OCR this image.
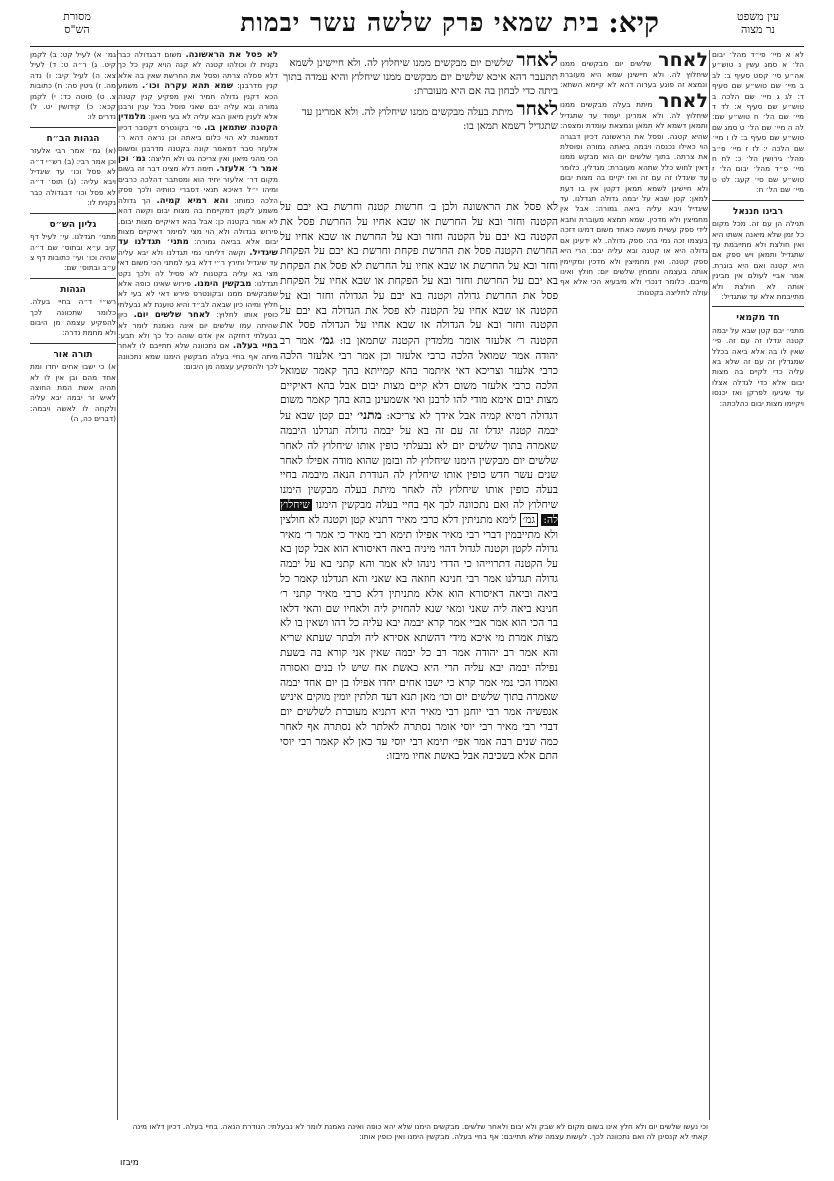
מסורת
הש"ס	בית שמאי פרק שלשה עשר יבמות קיא:	עין משפט
נר מצוה
לא א מיי׳ פי״ד מהל׳ יבום הל׳ א סמג עשין נ טוש״ע אה״ע סי׳ קסט סעיף ב: לב ב מיי׳ שם טוש״ע שם סעיף ד: לג ג מיי׳ שם הלכה ב טוש״ע שם סעיף א: לד ד מיי׳ שם הל׳ ח טוש״ע שם: לה ה מיי׳ שם הל׳ ט סמג שם טוש״ע שם סעיף ב: לו ו מיי׳ שם הלכה י: לז ז מיי׳ פ״ב מהל׳ גירושין הל׳ כ: לח ח מיי׳ פ״ד מהל׳ יבום הל׳ ז טוש״ע שם סי׳ קעג: לט ט מיי׳ שם הל׳ ח:
רבינו חננאל
תנילה הן עם זה. מכל מקום כל זמן שלא מיאנה אשתו היא ואין חולצת ולא מתייבמת עד שתגדיל ותמאן ויש ספק אם היא קטנה ואם היא בוגרת. אמר אביי לעולם אין מבינין אותה לא חולצת ולא מתייבמת אלא עד שתגדיל:
חד מקמאי
מתני׳ יבם קטן שבא על יבמה קטנה יגדלו זה עם זה. פי׳ שאין לו בה אלא ביאה בכלל שמגדלין זה עם זה שלא בא עליה כדי לקיים בה מצות יבום אלא כדי לגדלה אצלו עד שיגיעו לפרקן ואז יכנסו ויקיימו מצות יבום כהלכתה:
לאחר שלשים יום מבקשים ממנו שיחלוץ לה. ולא חיישינן שמא היא מעוברת ונמצא זה פוגע בערוה דהא לא קיימא השתא: לאחר מיתת בעלה מבקשים ממנו שיחלוץ לה. ולא אמרינן יעמוד עד שתגדיל ותמאן דשמא לא תמאן ונמצאת עומדת ומצפה: שהיא קטנה. ופסל את הראשונה דכיון דבגרה הוי כאילו נכנסה ויבמה ביאתה גמורה ופוסלת את צרתה. בתוך שלשים יום הוא מבקש ממנו דאין לחוש כלל שתהא מעוברת: מגדלין. כלומר עד שיגדלו זה עם זה ואז יקיים בה מצות יבום ולא חיישינן לשמא תמאן דקטן אין בו דעת למאן: קטן שבא על יבמה גדולה תגדלנו. עד שיגדיל ויבא עליה ביאה גמורה: אבל אין מחמיצין ולא מדכין. שמא תמצא מעוברת ותבא לידי ספק עשיית מעשה כאחד משום דמיגו דזכה בעצמו זכה נמי בה: ספק גדולה. לא ידעינן אם גדולה היא או קטנה ובא עליה יבם: הרי היא ספק קטנה. ואין מחמיצין ולא מדכין ומקיימין אותה בעצמה ותמתין שלשים יום: חולץ ואינו מייבם. כלומר דנכרי ולא מיבעיא הכי אלא אף עולה לחליצה בקטנות:
לאחר שלשים יום מבקשים ממנו שיחלוץ לה. ולא חיישינן לשמא תתעבר דהא איכא שלשים יום מבקשים ממנו שיחלוץ והיא עמדה בתוך ביתה כדי לבחון בה אם היא מעוברת:
לאחר מיתת בעלה מבקשים ממנו שיחלוץ לה. ולא אמרינן עד שתגדיל דשמא תמאן בו:
לא פסל את הראשונה ולכן ב׳ חרשות קטנה וחרשת בא יבם על הקטנה וחזר ובא על החרשת או שבא אחיו על החרשת פסל את הקטנה בא יבם על הקטנה וחזר ובא על החרשת או שבא אחיו על החרשת הקטנה פסל את החרשת פקחת וחרשת בא יבם על הפקחת וחזר ובא על החרשת או שבא אחיו על החרשת לא פסל את הפקחת בא יבם על החרשת וחזר ובא על הפקחת או שבא אחיו על הפקחת פסל את החרשת גדולה וקטנה בא יבם על הגדולה וחזר ובא על הקטנה או שבא אחיו על הקטנה לא פסל את הגדולה בא יבם על הקטנה וחזר ובא על הגדולה או שבא אחיו על הגדולה פסל את הקטנה ר׳ אלעזר אומר מלמדין הקטנה שתמאן בו: גמ׳ אמר רב יהודה אמר שמואל הלכה כרבי אלעזר וכן אמר רבי אלעזר הלכה כרבי אלעזר וצריכא דאי איתמר בהא קמייתא בהך קאמר שמואל הלכה כרבי אלעזר משום דלא קיים מצות יבום אבל בהא דאיקיים מצות יבום אימא מודי להו לרבנן ואי אשמעינן בהא בהך קאמר משום דגדולה רמיא קמיה אבל אידך לא צריכא: מתני׳ יבם קטן שבא על יבמה קטנה יגדלו זה עם זה בא על יבמה גדולה תגדלנו היבמה שאמרה בתוך שלשים יום לא נבעלתי כופין אותו שיחלוץ לה לאחר שלשים יום מבקשין הימנו שיחלוץ לה ובזמן שהוא מודה אפילו לאחר שנים עשר חדש כופין אותו שיחלוץ לה הנודרת הנאה מיבמה בחיי בעלה כופין אותו שיחלוץ לה לאחר מיתת בעלה מבקשין הימנו שיחלוץ לה ואם נתכוונה לכך אף בחיי בעלה מבקשין הימנו שיחלוץ לה: גמ׳ לימא מתניתין דלא כרבי מאיר דתניא קטן וקטנה לא חולצין ולא מתייבמין דברי רבי מאיר אפילו תימא רבי מאיר כי אמר ר׳ מאיר גדולה לקטן וקטנה לגדול דהוי מיניה ביאה דאיסורא הוא אבל קטן בא על הקטנה דתרוייהו כי הדדי נינהו לא אמר והא קתני בא על יבמה גדולה תגדלנו אמר רבי חנינא חוזאה בא שאני והא תגדלנו קאמר כל ביאה וביאה דאיסורא הוא אלא מתניתין דלא כרבי מאיר קתני ר׳ חנינא ביאה ליה שאני ומאי שנא להחזיק ליה ולאחיו שם והאי דלאו בר הכי הוא אמר אביי אמר קרא יבמה יבא עליה כל דהו ושאין בו לא מצות אמרת מי איכא מידי דהשתא אסירא ליה ולבתר שעתא שריא והא אמר רב יהודה אמר רב כל יבמה שאין אני קורא בה בשעת נפילה יבמה יבא עליה הרי היא כאשת אח שיש לו בנים ואסורה ואמרו הכי נמי אמר קרא כי ישבו אחים יחדו אפילו בן יום אחד יבמה שאמרה בתוך שלשים יום וכו׳ מאן תנא דעד תלתין יומין מוקים איניש אנפשיה אמר רבי יוחנן רבי מאיר היא דתניא מעוברת לשלשים יום דברי רבי מאיר רבי יוסי אומר נסתרה לאלתר לא נסתרה אף לאחר כמה שנים רבה אמר אפי׳ תימא רבי יוסי עד כאן לא קאמר רבי יוסי התם אלא בשכיבה אבל באשת אחיו מיבזו:
לא פסל את הראשונה. משום דבגדולה כבר נקנית לו וכולהו קטנה לא קנה הויא קנין כל כך דלא פסלה צרתה ופסל את החרשת שאין בה אלא קנין מדרבנן: שמא תהא עקרה וכו׳. משמע הכא דקנין גדולה חמיר ואין מפקיע קנין קטנה גמורה ובא עליה יבם שאני פוסל בכל ענין ורבנן אלא לענין מיאון הבא עליה לא בעי מיאון: מלמדין הקטנה שתמאן בו. פי׳ בקונטרס דקסבר דכיון דממאנת לא הוי כלום ביאתה וכן נראה דהא ר׳ אלעזר סבר דמאמר קונה בקטנה מדרבנן ומשום הכי מהני מיאון ואין צריכה גט ולא חליצה: גמ׳ וכן אמר ר׳ אלעזר. תימה דלא מצינו דבר זה בשום מקום דר׳ אלעזר יחיד הוא ומסתבר דהלכה כרבים ומיהו י״ל דאיכא תנאי דסברי כוותיה ולכך פסק הלכה כמותו: והא רמיא קמיה. הך גדולה משמע לקמן דמקיימת בה מצות יבום וקשה דהא לא אמר בקטנה כן: אבל בהא דאיקיים מצות יבום. פירוש בגדולה ולא הוי מצי למימר דאיקיים מצות יבום אלא בביאה גמורה: מתני׳ תגדלנו עד שיגדיל. וקשה דליתני נמי תגדלנו ולא יבא עליה עד שיגדיל ותירץ ר״י דלא בעי למתני הכי משום דאי מצי בא עליה בקטנות לא פסיל לה ולכך נקט תגדלנו: מבקשין הימנו. פירוש שאינו כופה אלא שמבקשים ממנו ובקונטרס פירש דאי לא בעי לא חליץ ומיהו כיון שבאה לב״ד והיא טוענת לא נבעלתי כופין אותו לחלוץ: לאחר שלשים יום. כיון שהיתה עמו שלשים יום אינה נאמנת לומר לא נבעלתי דחזקה אין אדם שוהה כל כך ולא תבע: בחיי בעלה. אם נתכוונה שלא תתייבם לו לאחר מיתה אף בחיי בעלה מבקשין הימנו שמא נתכוונה לכך ולהפקיע עצמה מן היבום:
גמ׳ א) לעיל קט: ב) לקמן קיט. ג) ר״ה ט: ד) לעיל צא: ה) לעיל קיב: ו) נדה מה. ז) גיטין סה: ח) כתובות צ. ט) סוטה כד: י) לקמן קכא: כ) קידושין יט. ל) נדרים לו:
הגהות הב״ח
(א) גמ׳ אמר רבי אלעזר וכן אמר רבי: (ב) רש״י ד״ה לא פסל וכו׳ עד שיגדיל ויבא עליה: (ג) תוס׳ ד״ה לא פסל וכו׳ דבגדולה כבר נקנית לו:
גליון הש״ס
מתני׳ תגדלנו. עי׳ לעיל דף קיב ע״א ובתוס׳ שם ד״ה שהיה וכו׳ ועי׳ כתובות דף צ ע״ב ובתוס׳ שם:
הגהות
רש״י ד״ה בחיי בעלה. כלומר שתכוונה לכך להפקיע עצמה מן היבום ולא מחמת נדרה:
תורה אור
א) כי ישבו אחים יחדו ומת אחד מהם ובן אין לו לא תהיה אשת המת החוצה לאיש זר יבמה יבא עליה ולקחה לו לאשה ויבמה: (דברים כה, ה)
וכי נעשו שלשים יום ולא חלץ אינו בשום מקום לא שבק ולא יבום ולאחר שלשים. מבקשים הימנו שלא יהא כופה ואינה נאמנת לומר לא נבעלתי: הנודרת הנאה. בחיי בעלה. דכיון דלאו מינה קאתי לא קנסינן לה ואם נתכוונה לכך. לעשות עצמה שלא תתייבם: אף בחיי בעלה. מבקשין הימנו ואין כופין אותו:
מיבזו
